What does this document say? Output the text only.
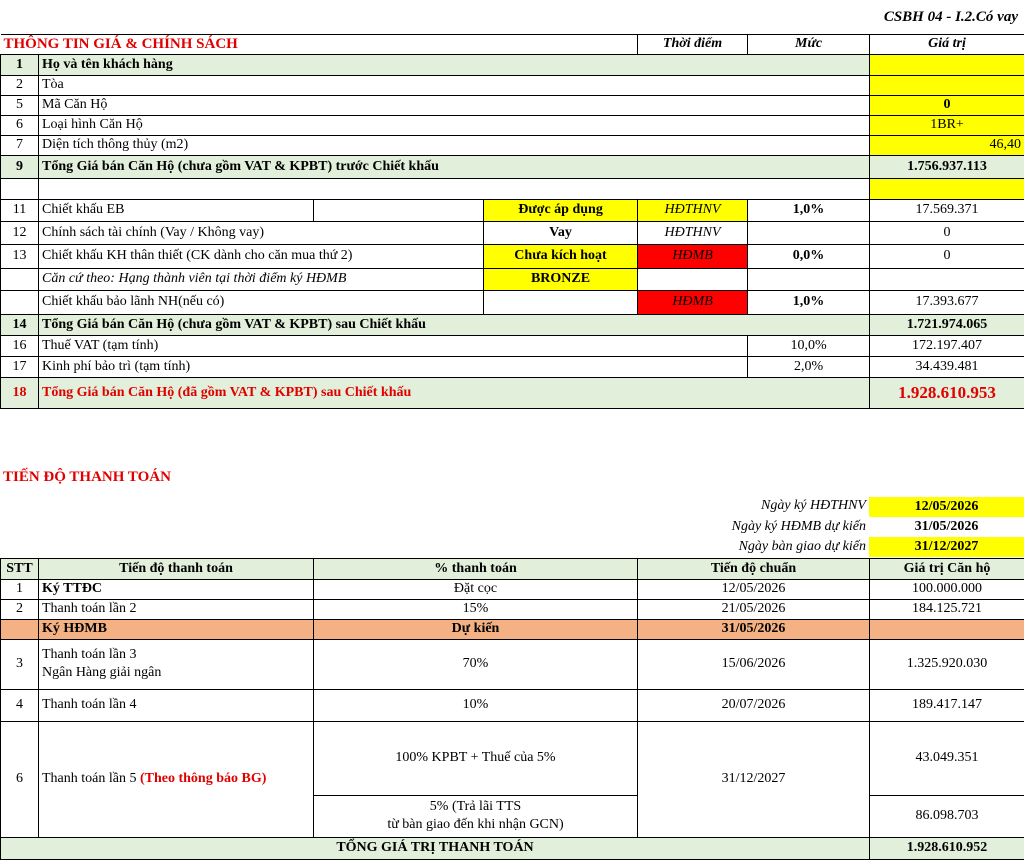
CSBH 04 - I.2.Có vay
THÔNG TIN GIÁ & CHÍNH SÁCH				Thời điểm	Mức	Giá trị
1	Họ và tên khách hàng					
2	Tòa					
5	Mã Căn Hộ					0
6	Loại hình Căn Hộ					1BR+
7	Diện tích thông thủy (m2)					46,40
9	Tổng Giá bán Căn Hộ (chưa gồm VAT & KPBT) trước Chiết khấu					1.756.937.113

11	Chiết khấu EB		Được áp dụng	HĐTHNV	1,0%	17.569.371
12	Chính sách tài chính (Vay / Không vay)		Vay	HĐTHNV		0
13	Chiết khấu KH thân thiết (CK dành cho căn mua thứ 2)		Chưa kích hoạt	HĐMB	0,0%	0
	Căn cứ theo: Hạng thành viên tại thời điểm ký HĐMB		BRONZE			
	Chiết khấu bảo lãnh NH(nếu có)			HĐMB	1,0%	17.393.677
14	Tổng Giá bán Căn Hộ (chưa gồm VAT & KPBT) sau Chiết khấu					1.721.974.065
16	Thuế VAT (tạm tính)				10,0%	172.197.407
17	Kinh phí bảo trì (tạm tính)				2,0%	34.439.481
18	Tổng Giá bán Căn Hộ (đã gồm VAT & KPBT) sau Chiết khấu					1.928.610.953
TIẾN ĐỘ THANH TOÁN
Ngày ký HĐTHNV	12/05/2026
Ngày ký HĐMB dự kiến	31/05/2026
Ngày bàn giao dự kiến	31/12/2027
STT	Tiến độ thanh toán	% thanh toán	Tiến độ chuẩn	Giá trị Căn hộ
1	Ký TTĐC	Đặt cọc	12/05/2026	100.000.000
2	Thanh toán lần 2	15%	21/05/2026	184.125.721
	Ký HĐMB	Dự kiến	31/05/2026	
3	Thanh toán lần 3
Ngân Hàng giải ngân	70%	15/06/2026	1.325.920.030
4	Thanh toán lần 4	10%	20/07/2026	189.417.147
6	Thanh toán lần 5 (Theo thông báo BG)	100% KPBT + Thuế của 5%	31/12/2027	43.049.351

		5% (Trả lãi TTS
từ bàn giao đến khi nhận GCN)		86.098.703
TỔNG GIÁ TRỊ THANH TOÁN				1.928.610.952
